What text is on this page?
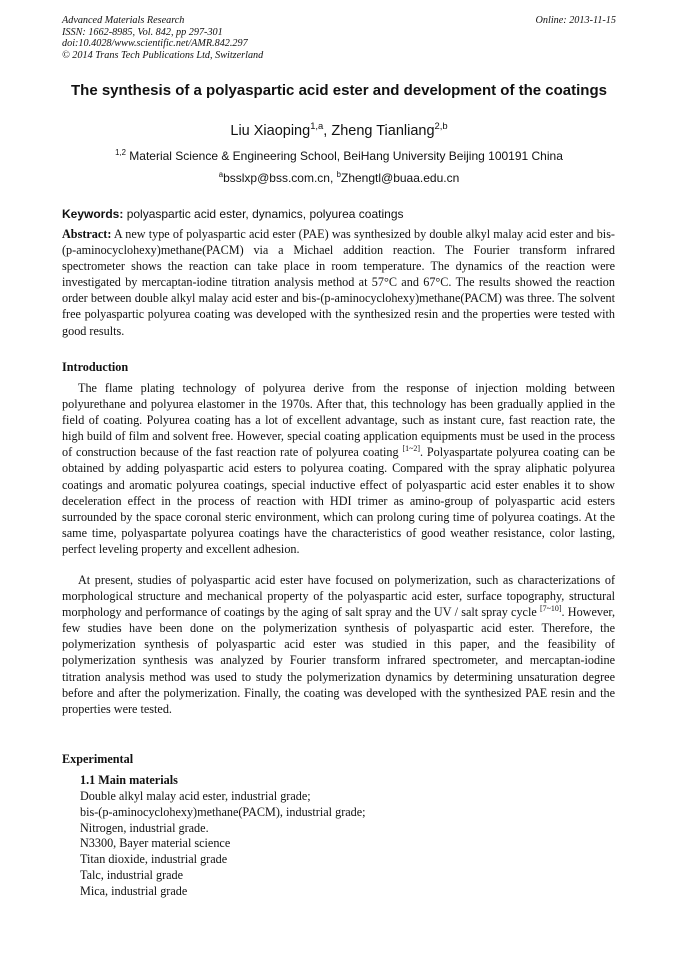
Advanced Materials Research
ISSN: 1662-8985, Vol. 842, pp 297-301
doi:10.4028/www.scientific.net/AMR.842.297
© 2014 Trans Tech Publications Ltd, Switzerland
Online: 2013-11-15
The synthesis of a polyaspartic acid ester and development of the coatings
Liu Xiaoping$^{1,a}$, Zheng Tianliang$^{2,b}$
$^{1,2}$ Material Science & Engineering School, BeiHang University Beijing 100191 China
$^a$bsslxp@bss.com.cn, $^b$Zhengtl@buaa.edu.cn
Keywords: polyaspartic acid ester, dynamics, polyurea coatings

Abstract: A new type of polyaspartic acid ester (PAE) was synthesized by double alkyl malay acid ester and bis-(p-aminocyclohexy)methane(PACM) via a Michael addition reaction. The Fourier transform infrared spectrometer shows the reaction can take place in room temperature. The dynamics of the reaction were investigated by mercaptan-iodine titration analysis method at 57°C and 67°C. The results showed the reaction order between double alkyl malay acid ester and bis-(p-aminocyclohexy)methane(PACM) was three. The solvent free polyaspartic polyurea coating was developed with the synthesized resin and the properties were tested with good results.

Introduction

The flame plating technology of polyurea derive from the response of injection molding between polyurethane and polyurea elastomer in the 1970s. After that, this technology has been gradually applied in the field of coating. Polyurea coating has a lot of excellent advantage, such as instant cure, fast reaction rate, the high build of film and solvent free. However, special coating application equipments must be used in the process of construction because of the fast reaction rate of polyurea coating [1~2]. Polyaspartate polyurea coating can be obtained by adding polyaspartic acid esters to polyurea coating. Compared with the spray aliphatic polyurea coatings and aromatic polyurea coatings, special inductive effect of polyaspartic acid ester enables it to show deceleration effect in the process of reaction with HDI trimer as amino-group of polyaspartic acid esters surrounded by the space coronal steric environment, which can prolong curing time of polyurea coatings. At the same time, polyaspartate polyurea coatings have the characteristics of good weather resistance, color lasting, perfect leveling property and excellent adhesion.

At present, studies of polyaspartic acid ester have focused on polymerization, such as characterizations of morphological structure and mechanical property of the polyaspartic acid ester, surface topography, structural morphology and performance of coatings by the aging of salt spray and the UV / salt spray cycle [7~10]. However, few studies have been done on the polymerization synthesis of polyaspartic acid ester. Therefore, the polymerization synthesis of polyaspartic acid ester was studied in this paper, and the feasibility of polymerization synthesis was analyzed by Fourier transform infrared spectrometer, and mercaptan-iodine titration analysis method was used to study the polymerization dynamics by determining unsaturation degree before and after the polymerization. Finally, the coating was developed with the synthesized PAE resin and the properties were tested.

Experimental
1.1 Main materials
Double alkyl malay acid ester, industrial grade;
bis-(p-aminocyclohexy)methane(PACM), industrial grade;
Nitrogen, industrial grade.
N3300, Bayer material science
Titan dioxide, industrial grade
Talc, industrial grade
Mica, industrial grade
